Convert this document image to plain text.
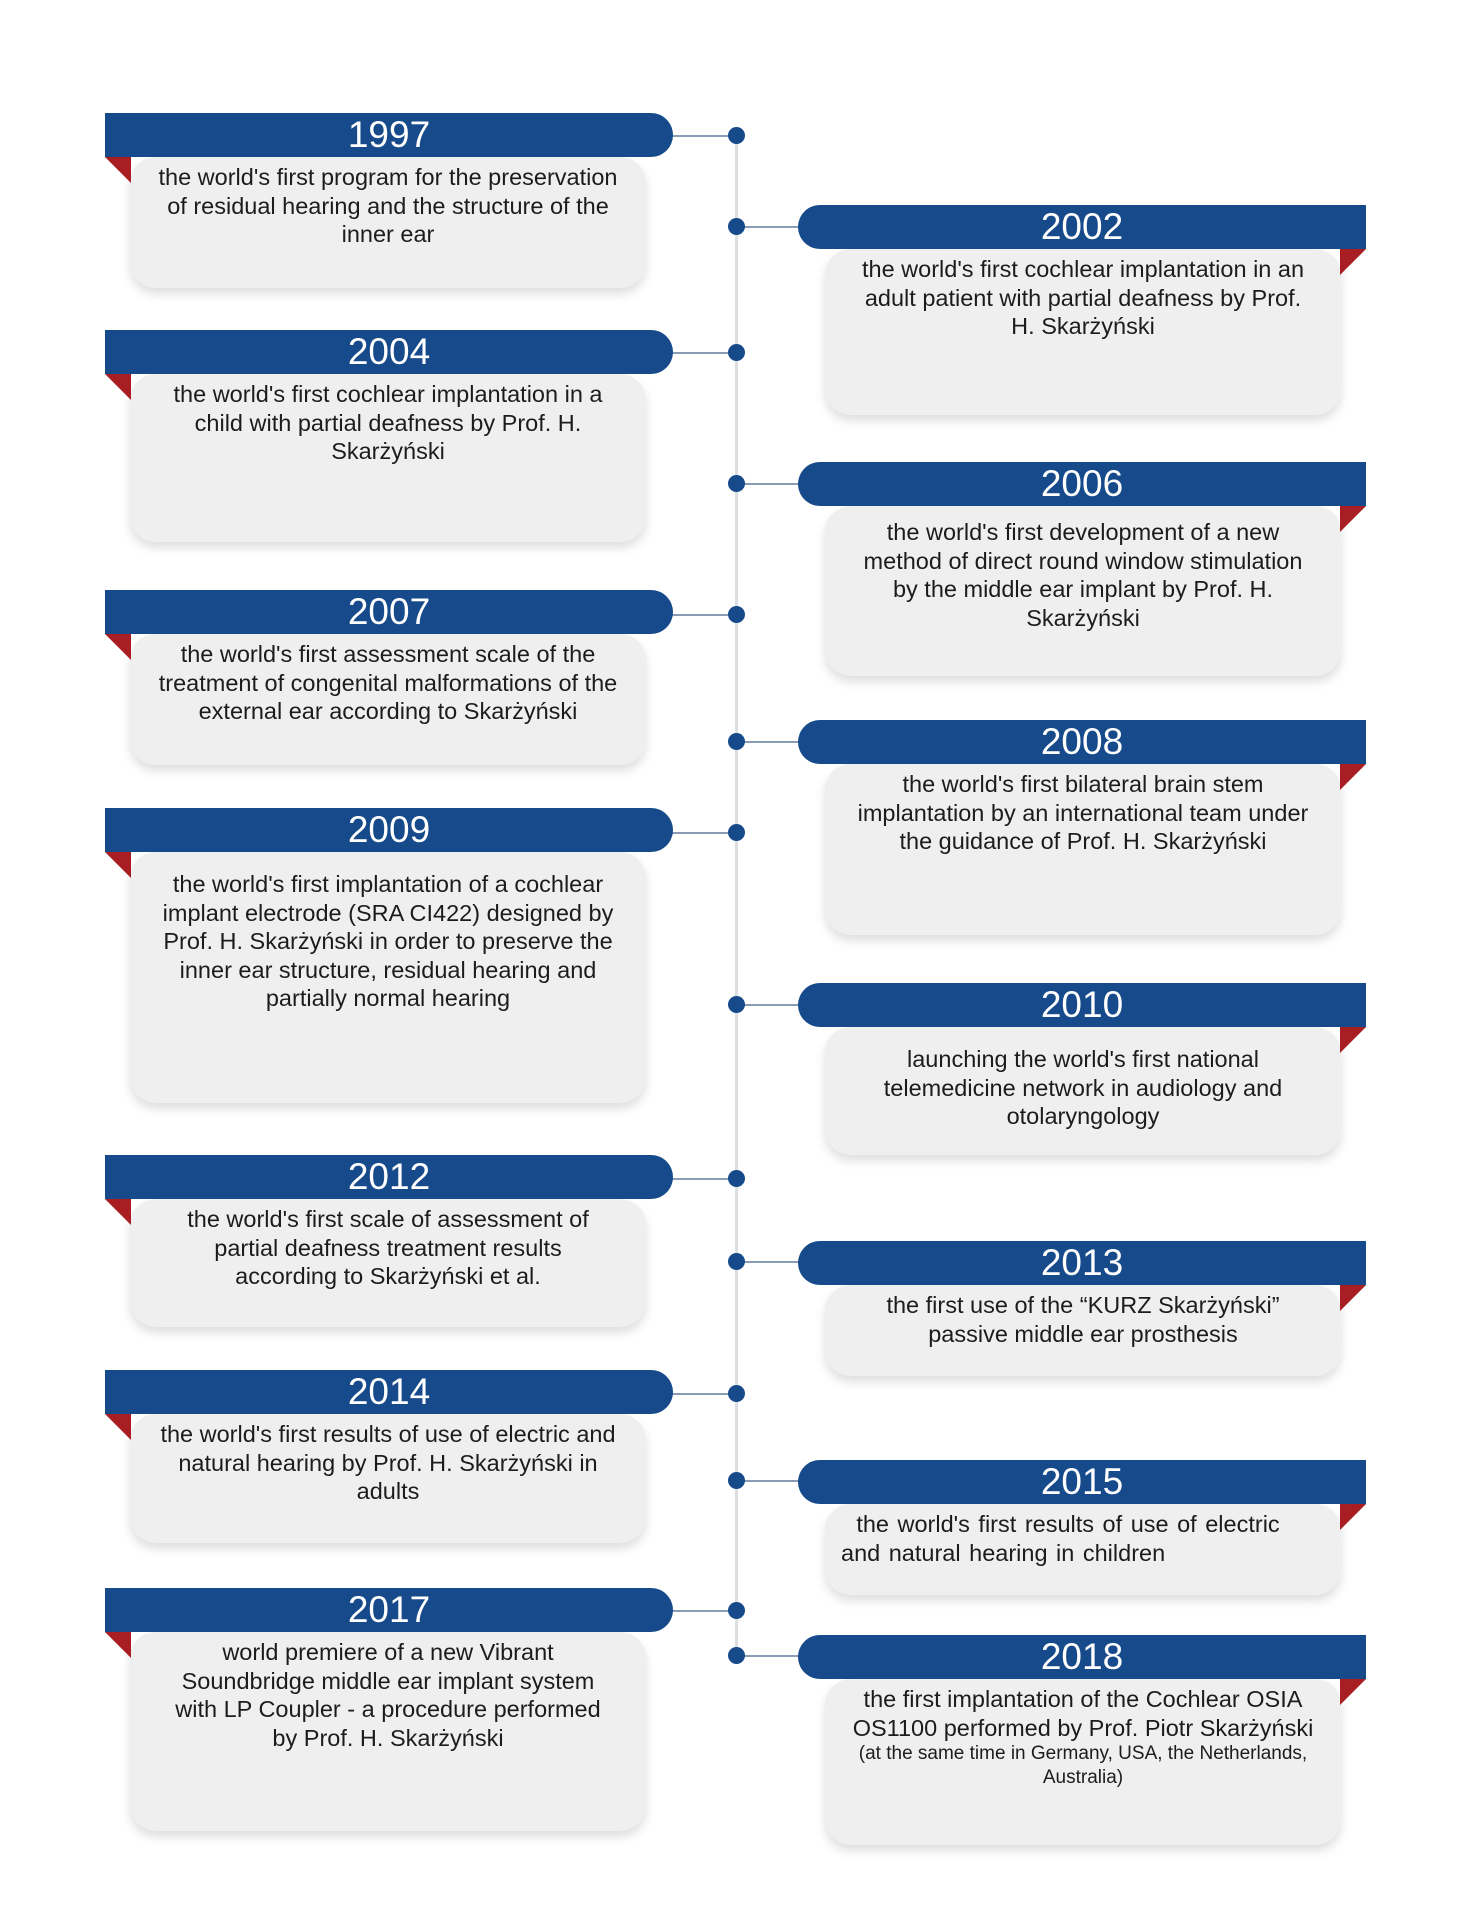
the world's first program for the preservation of residual hearing and the structure of the inner ear
1997
the world's first cochlear implantation in an adult patient with partial deafness by Prof. H. Skarżyński
2002
the world's first cochlear implantation in a child with partial deafness by Prof. H. Skarżyński
2004
the world's first development of a new method of direct round window stimulation by the middle ear implant by Prof. H. Skarżyński
2006
the world's first assessment scale of the treatment of congenital malformations of the external ear according to Skarżyński
2007
the world's first bilateral brain stem implantation by an international team under the guidance of Prof. H. Skarżyński
2008
the world's first implantation of a cochlear implant electrode (SRA CI422) designed by Prof. H. Skarżyński in order to preserve the inner ear structure, residual hearing and partially normal hearing
2009
launching the world's first national telemedicine network in audiology and otolaryngology
2010
the world's first scale of assessment of partial deafness treatment results according to Skarżyński et al.
2012
the first use of the “KURZ Skarżyński” passive middle ear prosthesis
2013
the world's first results of use of electric and natural hearing by Prof. H. Skarżyński in adults
2014
the world's first results of use of electric and natural hearing in children
2015
world premiere of a new Vibrant Soundbridge middle ear implant system with LP Coupler - a procedure performed by Prof. H. Skarżyński
2017
the first implantation of the Cochlear OSIA OS1100 performed by Prof. Piotr Skarżyński
(at the same time in Germany, USA, the Netherlands, Australia)
2018
